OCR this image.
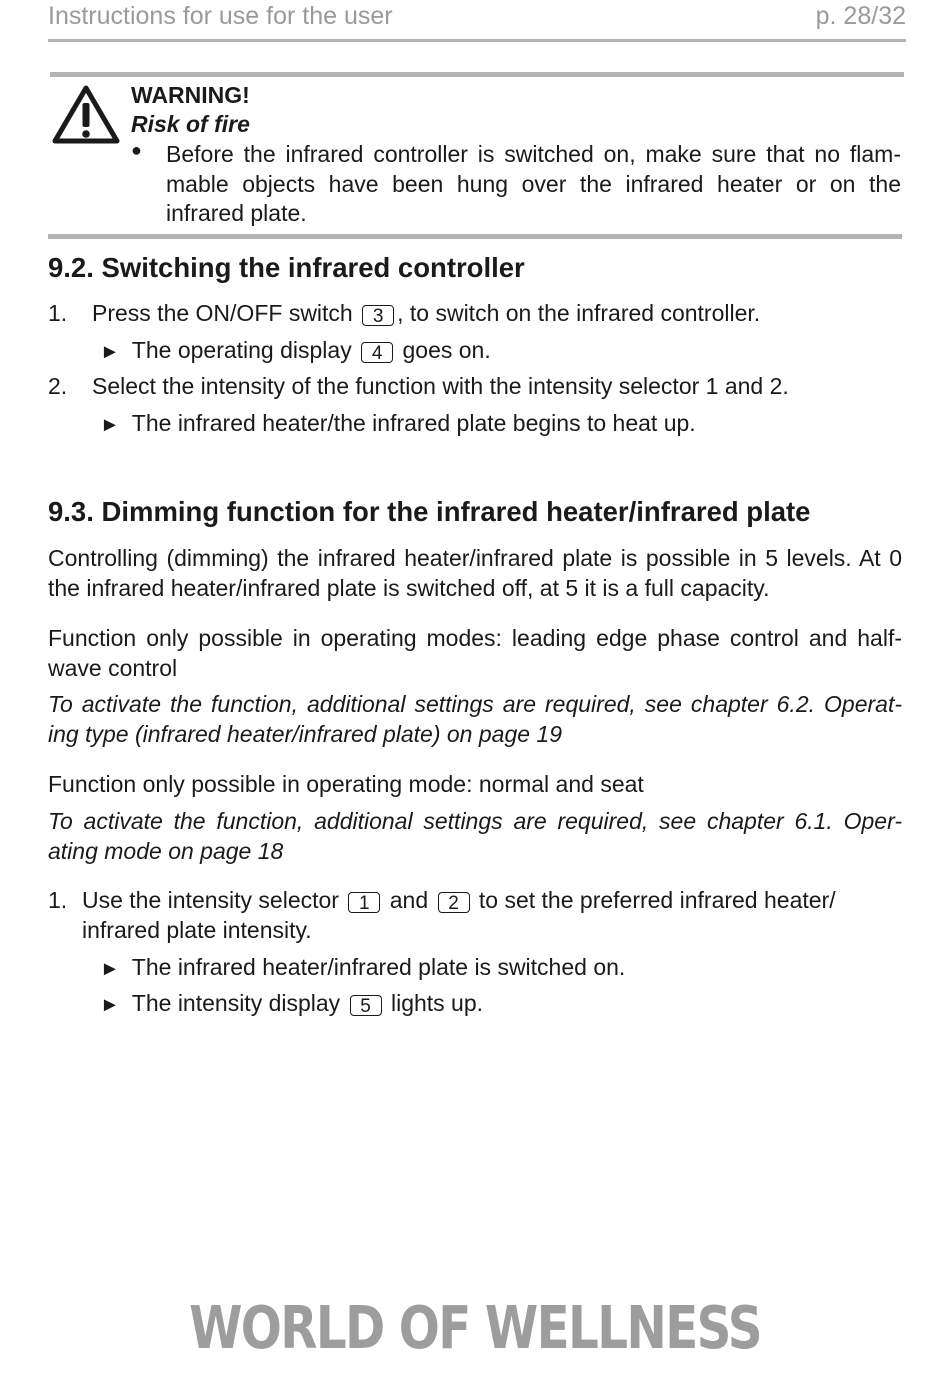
Instructions for use for the user	p. 28/32
WARNING!
Risk of fire
● Before the infrared controller is switched on, make sure that no flam-mable objects have been hung over the infrared heater or on the infrared plate.
9.2. Switching the infrared controller
1. Press the ON/OFF switch 3 , to switch on the infrared controller.
► The operating display 4 goes on.
2. Select the intensity of the function with the intensity selector 1 and 2.
► The infrared heater/the infrared plate begins to heat up.
9.3. Dimming function for the infrared heater/infrared plate
Controlling (dimming) the infrared heater/infrared plate is possible in 5 levels. At 0 the infrared heater/infrared plate is switched off, at 5 it is a full capacity.
Function only possible in operating modes: leading edge phase control and half-wave control
To activate the function, additional settings are required, see chapter 6.2. Operat-ing type (infrared heater/infrared plate) on page 19
Function only possible in operating mode: normal and seat
To activate the function, additional settings are required, see chapter 6.1. Oper-ating mode on page 18
1. Use the intensity selector 1 and 2 to set the preferred infrared heater/
infrared plate intensity.
► The infrared heater/infrared plate is switched on.
► The intensity display 5 lights up.
WORLD OF WELLNESS
